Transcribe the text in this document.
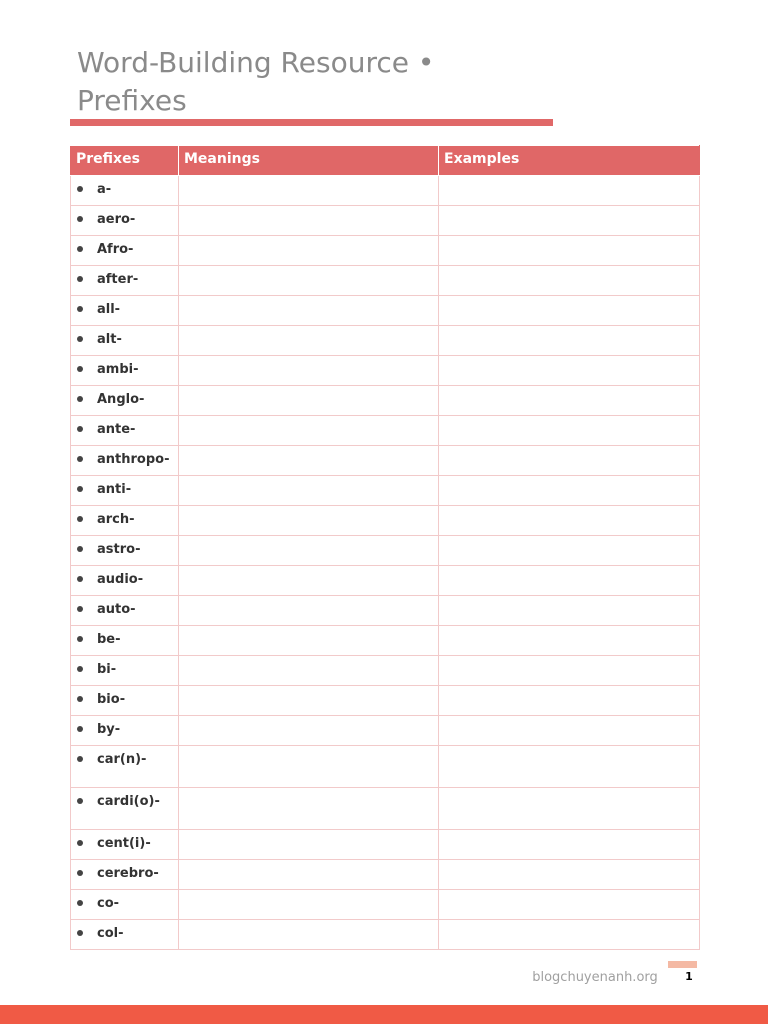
Word-Building Resource • Prefixes
Prefixes	Meanings	Examples
a-		
aero-		
Afro-		
after-		
all-		
alt-		
ambi-		
Anglo-		
ante-		
anthropo-		
anti-		
arch-		
astro-		
audio-		
auto-		
be-		
bi-		
bio-		
by-		
car(n)-		
cardi(o)-		
cent(i)-		
cerebro-		
co-		
col-		
blogchuyenanh.org	1
